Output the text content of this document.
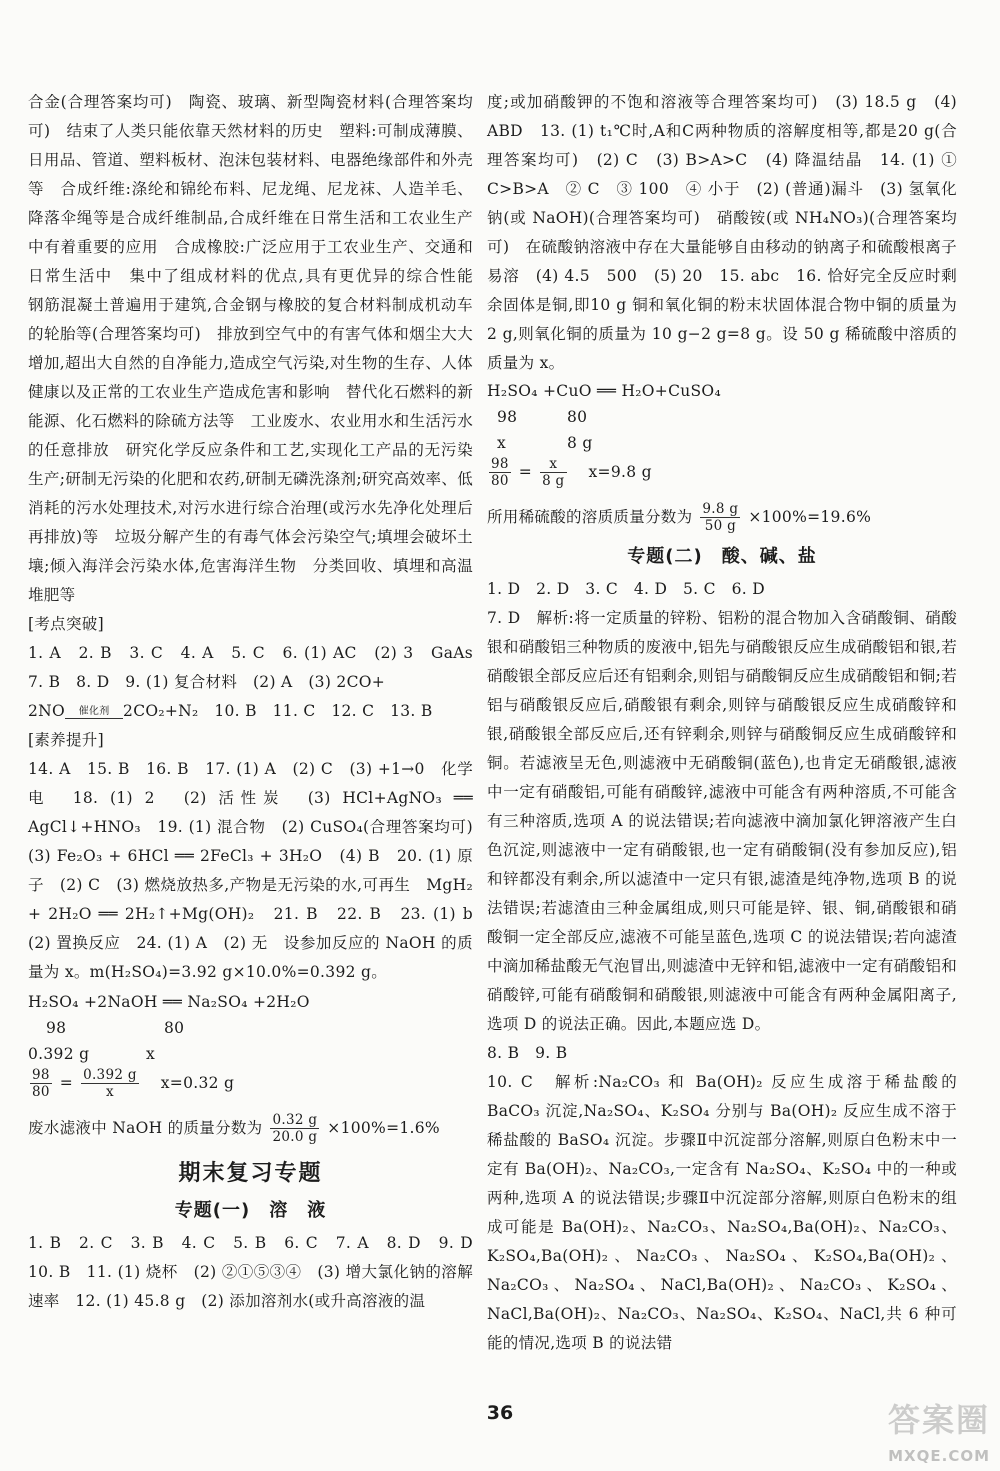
合金(合理答案均可)　陶瓷、玻璃、新型陶瓷材料(合理答案均可)　结束了人类只能依靠天然材料的历史　塑料:可制成薄膜、日用品、管道、塑料板材、泡沫包装材料、电器绝缘部件和外壳等　合成纤维:涤纶和锦纶布料、尼龙绳、尼龙袜、人造羊毛、降落伞绳等是合成纤维制品,合成纤维在日常生活和工农业生产中有着重要的应用　合成橡胶:广泛应用于工农业生产、交通和日常生活中　集中了组成材料的优点,具有更优异的综合性能　钢筋混凝土普遍用于建筑,合金钢与橡胶的复合材料制成机动车的轮胎等(合理答案均可)　排放到空气中的有害气体和烟尘大大增加,超出大自然的自净能力,造成空气污染,对生物的生存、人体健康以及正常的工农业生产造成危害和影响　替代化石燃料的新能源、化石燃料的除硫方法等　工业废水、农业用水和生活污水的任意排放　研究化学反应条件和工艺,实现化工产品的无污染生产;研制无污染的化肥和农药,研制无磷洗涤剂;研究高效率、低消耗的污水处理技术,对污水进行综合治理(或污水先净化处理后再排放)等　垃圾分解产生的有毒气体会污染空气;填埋会破坏土壤;倾入海洋会污染水体,危害海洋生物　分类回收、填埋和高温堆肥等

[ 考点突破 ]

1. A　2. B　3. C　4. A　5. C　6. (1) AC　(2) 3　GaAs　7. B　8. D　9. (1) 复合材料　(2) A　(3) 2CO+
2NO 催化剂 2CO₂+N₂　10. B　11. C　12. C　13. B

[ 素养提升 ]

14. A　15. B　16. B　17. (1) A　(2) C　(3) +1→0　化学　电　18. (1) 2　(2) 活性炭　(3) HCl+AgNO₃ ══ AgCl↓+HNO₃　19. (1) 混合物　(2) CuSO₄(合理答案均可)　(3) Fe₂O₃ + 6HCl ══ 2FeCl₃ + 3H₂O　(4) B　20. (1) 原子　(2) C　(3) 燃烧放热多,产物是无污染的水,可再生　MgH₂ + 2H₂O ══ 2H₂↑+Mg(OH)₂　21. B　22. B　23. (1) b　(2) 置换反应　24. (1) A　(2) 无　设参加反应的 NaOH 的质量为 x。m(H₂SO₄)=3.92 g×10.0%=0.392 g。

H₂SO₄ +2NaOH ══ Na₂SO₄ +2H₂O

98	80

0.392 g	x

$\frac{98}{80} = \frac{0.392 g}{x} x=0.32$ g
废水滤液中 NaOH 的质量分数为 $\frac{0.32 g}{20.0 g} \times 100\%=1.6\%$
期末复习专题
专题(一)　溶　液

1. B　2. C　3. B　4. C　5. B　6. C　7. A　8. D　9. D　10. B　11. (1) 烧杯　(2) ②①⑤③④　(3) 增大氯化钠的溶解速率　12. (1) 45.8 g　(2) 添加溶剂水(或升高溶液的温

度;或加硝酸钾的不饱和溶液等合理答案均可)　(3) 18.5 g　(4) ABD　13. (1) t₁℃时,A和C两种物质的溶解度相等,都是20 g(合理答案均可)　(2) C　(3) B>A>C　(4) 降温结晶　14. (1) ① C>B>A　② C　③ 100　④ 小于　(2) (普通)漏斗　(3) 氢氧化钠(或 NaOH)(合理答案均可)　硝酸铵(或 NH₄NO₃)(合理答案均可)　在硫酸钠溶液中存在大量能够自由移动的钠离子和硫酸根离子　易溶　(4) 4.5　500　(5) 20　15. abc　16. 恰好完全反应时剩余固体是铜,即10 g 铜和氧化铜的粉末状固体混合物中铜的质量为 2 g,则氧化铜的质量为 10 g−2 g=8 g。设 50 g 稀硫酸中溶质的质量为 x。

H₂SO₄ +CuO ══ H₂O+CuSO₄

98	80

x	8 g

$\frac{98}{80} = \frac{x}{8 g} x=9.8$ g
所用稀硫酸的溶质质量分数为 $\frac{9.8 g}{50 g} \times 100\%=19.6\%$
专题(二)　酸、碱、盐

1. D　2. D　3. C　4. D　5. C　6. D

7. D　解析:将一定质量的锌粉、铝粉的混合物加入含硝酸铜、硝酸银和硝酸铝三种物质的废液中,铝先与硝酸银反应生成硝酸铝和银,若硝酸银全部反应后还有铝剩余,则铝与硝酸铜反应生成硝酸铝和铜;若铝与硝酸银反应后,硝酸银有剩余,则锌与硝酸银反应生成硝酸锌和银,硝酸银全部反应后,还有锌剩余,则锌与硝酸铜反应生成硝酸锌和铜。若滤液呈无色,则滤液中无硝酸铜(蓝色),也肯定无硝酸银,滤液中一定有硝酸铝,可能有硝酸锌,滤液中可能含有两种溶质,不可能含有三种溶质,选项 A 的说法错误;若向滤液中滴加氯化钾溶液产生白色沉淀,则滤液中一定有硝酸银,也一定有硝酸铜(没有参加反应),铝和锌都没有剩余,所以滤渣中一定只有银,滤渣是纯净物,选项 B 的说法错误;若滤渣由三种金属组成,则只可能是锌、银、铜,硝酸银和硝酸铜一定全部反应,滤液不可能呈蓝色,选项 C 的说法错误;若向滤渣中滴加稀盐酸无气泡冒出,则滤渣中无锌和铝,滤液中一定有硝酸铝和硝酸锌,可能有硝酸铜和硝酸银,则滤液中可能含有两种金属阳离子,选项 D 的说法正确。因此,本题应选 D。

8. B　9. B

10. C　解析:Na₂CO₃ 和 Ba(OH)₂ 反应生成溶于稀盐酸的 BaCO₃ 沉淀,Na₂SO₄、K₂SO₄ 分别与 Ba(OH)₂ 反应生成不溶于稀盐酸的 BaSO₄ 沉淀。步骤Ⅱ中沉淀部分溶解,则原白色粉末中一定有 Ba(OH)₂、Na₂CO₃,一定含有 Na₂SO₄、K₂SO₄ 中的一种或两种,选项 A 的说法错误;步骤Ⅱ中沉淀部分溶解,则原白色粉末的组成可能是 Ba(OH)₂、Na₂CO₃、Na₂SO₄,Ba(OH)₂、Na₂CO₃、K₂SO₄,Ba(OH)₂、Na₂CO₃、Na₂SO₄、K₂SO₄,Ba(OH)₂、Na₂CO₃、Na₂SO₄、NaCl,Ba(OH)₂、Na₂CO₃、K₂SO₄、NaCl,Ba(OH)₂、Na₂CO₃、Na₂SO₄、K₂SO₄、NaCl,共 6 种可能的情况,选项 B 的说法错

36	答案圈
MXQE.COM
